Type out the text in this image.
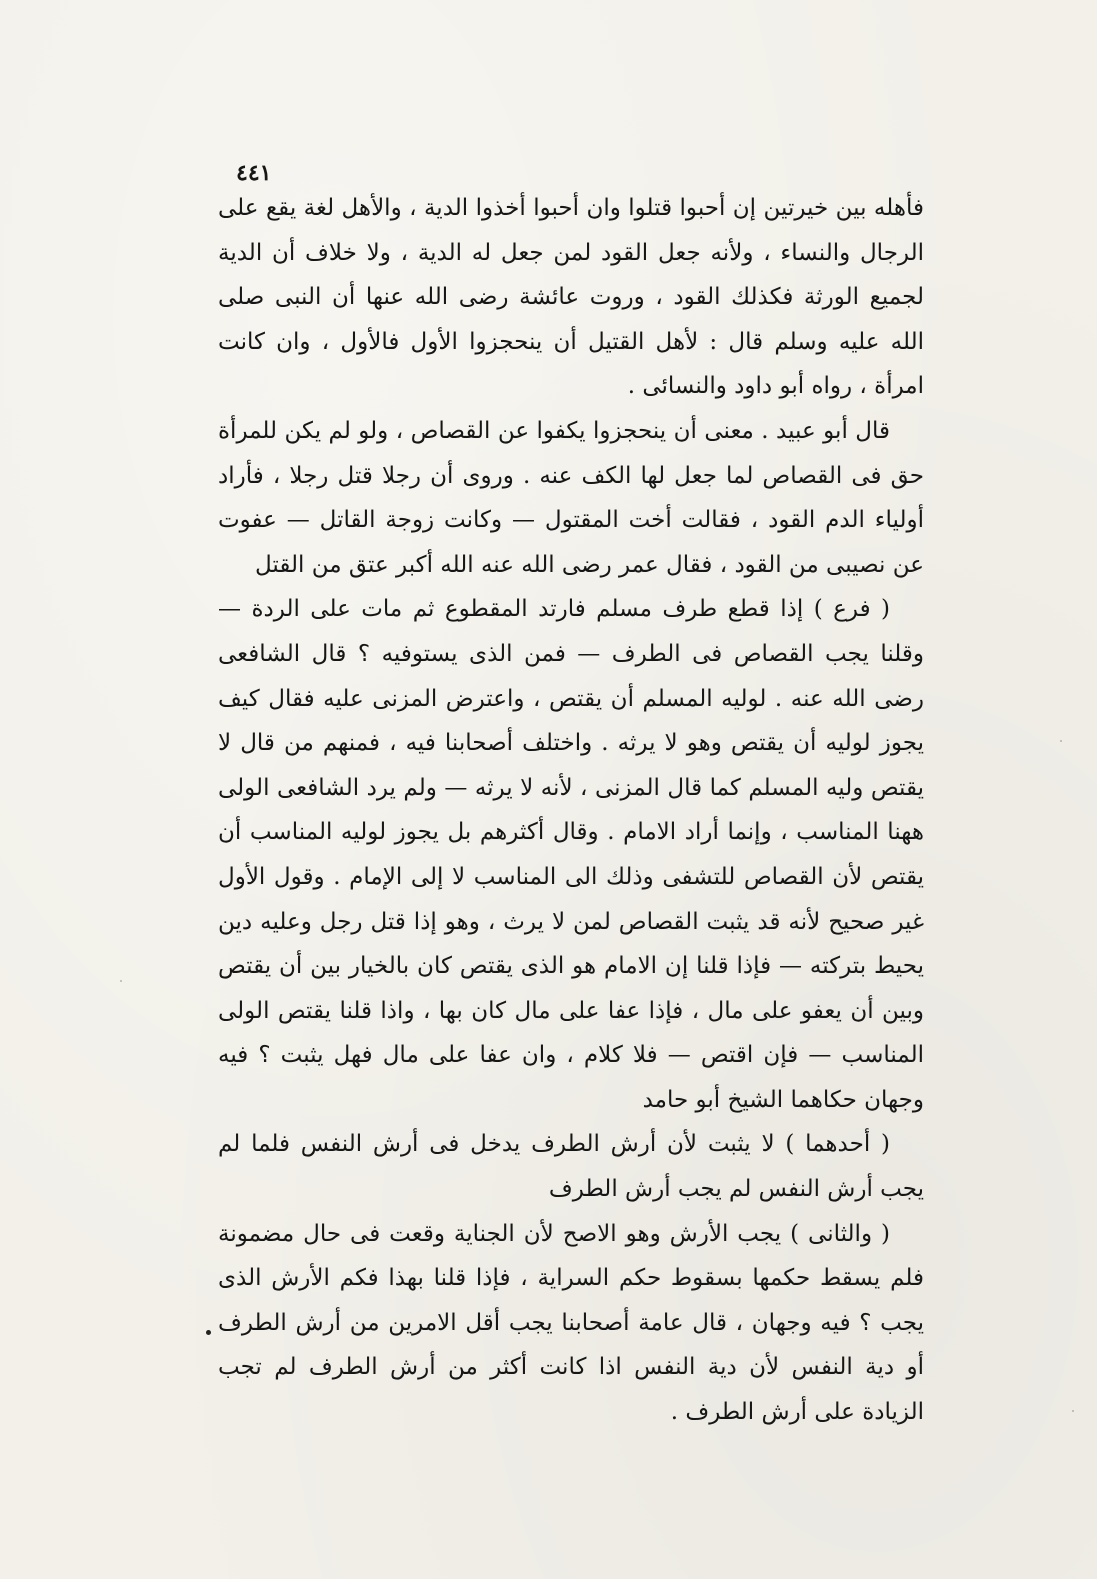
٤٤١

فأهله بين خيرتين إن أحبوا قتلوا وان أحبوا أخذوا الدية ، والأهل لغة يقع على الرجال والنساء ، ولأنه جعل القود لمن جعل له الدية ، ولا خلاف أن الدية لجميع الورثة فكذلك القود ، وروت عائشة رضى الله عنها أن النبى صلى الله عليه وسلم قال : لأهل القتيل أن ينحجزوا الأول فالأول ، وان كانت امرأة ، رواه أبو داود والنسائى .

قال أبو عبيد . معنى أن ينحجزوا يكفوا عن القصاص ، ولو لم يكن للمرأة حق فى القصاص لما جعل لها الكف عنه . وروى أن رجلا قتل رجلا ، فأراد أولياء الدم القود ، فقالت أخت المقتول — وكانت زوجة القاتل — عفوت عن نصيبى من القود ، فقال عمر رضى الله عنه الله أكبر عتق من القتل

( فرع ) إذا قطع طرف مسلم فارتد المقطوع ثم مات على الردة — وقلنا يجب القصاص فى الطرف — فمن الذى يستوفيه ؟ قال الشافعى رضى الله عنه . لوليه المسلم أن يقتص ، واعترض المزنى عليه فقال كيف يجوز لوليه أن يقتص وهو لا يرثه . واختلف أصحابنا فيه ، فمنهم من قال لا يقتص وليه المسلم كما قال المزنى ، لأنه لا يرثه — ولم يرد الشافعى الولى ههنا المناسب ، وإنما أراد الامام . وقال أكثرهم بل يجوز لوليه المناسب أن يقتص لأن القصاص للتشفى وذلك الى المناسب لا إلى الإمام . وقول الأول غير صحيح لأنه قد يثبت القصاص لمن لا يرث ، وهو إذا قتل رجل وعليه دين يحيط بتركته — فإذا قلنا إن الامام هو الذى يقتص كان بالخيار بين أن يقتص وبين أن يعفو على مال ، فإذا عفا على مال كان بها ، واذا قلنا يقتص الولى المناسب — فإن اقتص — فلا كلام ، وان عفا على مال فهل يثبت ؟ فيه وجهان حكاهما الشيخ أبو حامد

( أحدهما ) لا يثبت لأن أرش الطرف يدخل فى أرش النفس فلما لم يجب أرش النفس لم يجب أرش الطرف

( والثانى ) يجب الأرش وهو الاصح لأن الجناية وقعت فى حال مضمونة فلم يسقط حكمها بسقوط حكم السراية ، فإذا قلنا بهذا فكم الأرش الذى يجب ؟ فيه وجهان ، قال عامة أصحابنا يجب أقل الامرين من أرش الطرف أو دية النفس لأن دية النفس اذا كانت أكثر من أرش الطرف لم تجب الزيادة على أرش الطرف .
